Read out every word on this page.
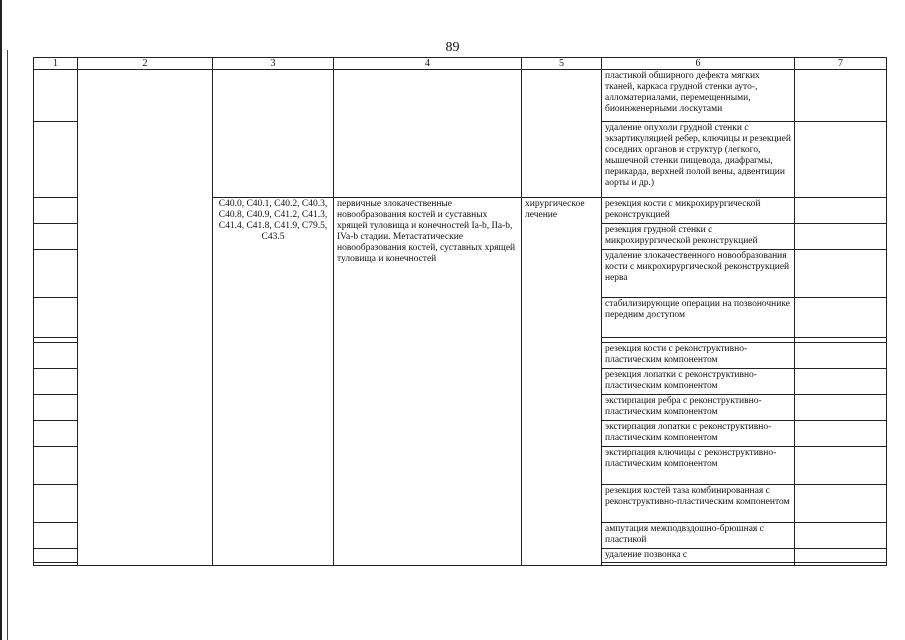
89
1	2	3	4	5	6	7
					пластикой обширного дефекта мягких тканей, каркаса грудной стенки ауто-, алломатериалами, перемещенными, биоинженерными лоскутами	
					удаление опухоли грудной стенки с экзартикуляцией ребер, ключицы и резекцией соседних органов и структур (легкого, мышечной стенки пищевода, диафрагмы, перикарда, верхней полой вены, адвентиции аорты и др.)	
		C40.0, C40.1, C40.2, C40.3, C40.8, C40.9, C41.2, C41.3, C41.4, C41.8, C41.9, C79.5, C43.5	первичные злокачественные новообразования костей и суставных хрящей туловища и конечностей Ia-b, IIa-b, IVa-b стадии. Метастатические новообразования костей, суставных хрящей туловища и конечностей	хирургическое лечение	резекция кости с микрохирургической реконструкцией	
					резекция грудной стенки с микрохирургической реконструкцией	
					удаление злокачественного новообразования кости с микрохирургической реконструкцией нерва	
					стабилизирующие операции на позвоночнике передним доступом	

					резекция кости с реконструктивно-пластическим компонентом	
					резекция лопатки с реконструктивно-пластическим компонентом	
					экстирпация ребра с реконструктивно-пластическим компонентом	
					экстирпация лопатки с реконструктивно-пластическим компонентом	
					экстирпация ключицы с реконструктивно-пластическим компонентом	
					резекция костей таза комбинированная с реконструктивно-пластическим компонентом	
					ампутация межподвздошно-брюшная с пластикой	
					удаление позвонка с	
